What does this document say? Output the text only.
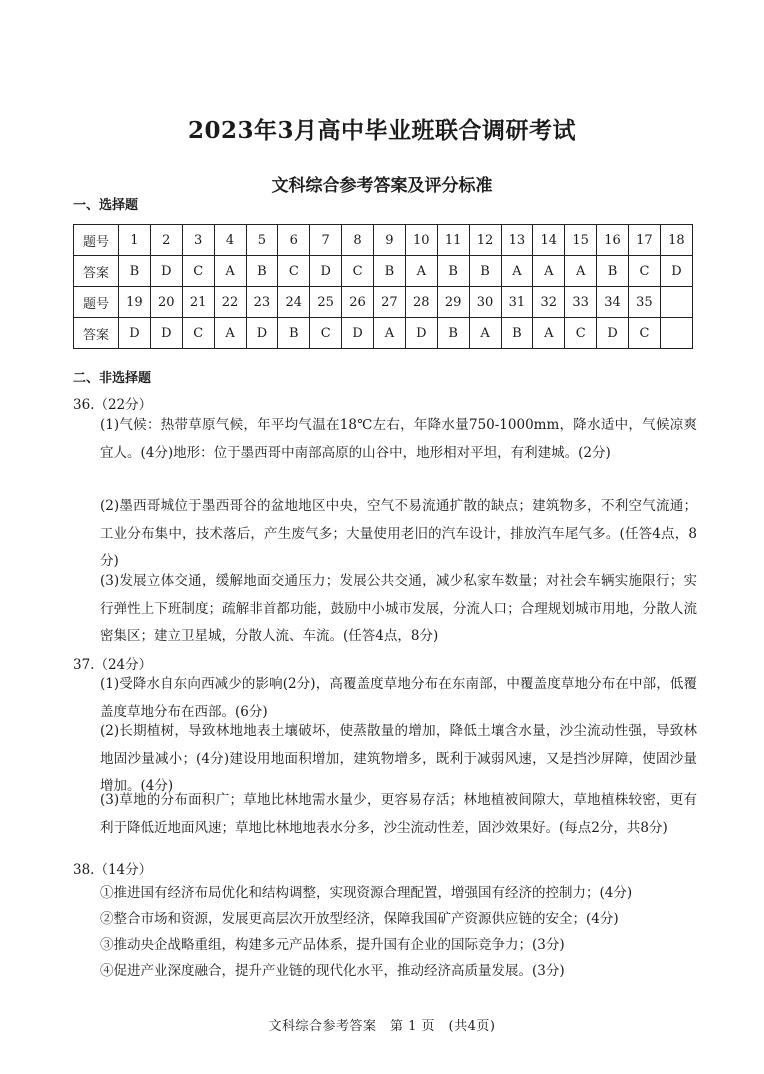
2023年3月高中毕业班联合调研考试
文科综合参考答案及评分标准
一、选择题
题号	1	2	3	4	5	6	7	8	9	10	11	12	13	14	15	16	17	18
答案	B	D	C	A	B	C	D	C	B	A	B	B	A	A	A	B	C	D
题号	19	20	21	22	23	24	25	26	27	28	29	30	31	32	33	34	35	
答案	D	D	C	A	D	B	C	D	A	D	B	A	B	A	C	D	C	
二、非选择题
36.（22分）
(1)气候：热带草原气候，年平均气温在18℃左右，年降水量750-1000mm，降水适中，气候凉爽宜人。(4分)地形：位于墨西哥中南部高原的山谷中，地形相对平坦，有利建城。(2分)
(2)墨西哥城位于墨西哥谷的盆地地区中央，空气不易流通扩散的缺点；建筑物多，不利空气流通；工业分布集中，技术落后，产生废气多；大量使用老旧的汽车设计，排放汽车尾气多。(任答4点，8分)
(3)发展立体交通，缓解地面交通压力；发展公共交通，减少私家车数量；对社会车辆实施限行；实行弹性上下班制度；疏解非首都功能，鼓励中小城市发展，分流人口；合理规划城市用地，分散人流密集区；建立卫星城，分散人流、车流。(任答4点，8分)
37.（24分）
(1)受降水自东向西减少的影响(2分)，高覆盖度草地分布在东南部，中覆盖度草地分布在中部，低覆盖度草地分布在西部。(6分)
(2)长期植树，导致林地地表土壤破坏，使蒸散量的增加，降低土壤含水量，沙尘流动性强，导致林地固沙量减小；(4分)建设用地面积增加，建筑物增多，既利于减弱风速，又是挡沙屏障，使固沙量增加。(4分)
(3)草地的分布面积广；草地比林地需水量少，更容易存活；林地植被间隙大，草地植株较密，更有利于降低近地面风速；草地比林地地表水分多，沙尘流动性差，固沙效果好。(每点2分，共8分)
38.（14分）
①推进国有经济布局优化和结构调整，实现资源合理配置，增强国有经济的控制力；(4分)
②整合市场和资源，发展更高层次开放型经济，保障我国矿产资源供应链的安全；(4分)
③推动央企战略重组，构建多元产品体系，提升国有企业的国际竞争力；(3分)
④促进产业深度融合，提升产业链的现代化水平，推动经济高质量发展。(3分)
文科综合参考答案　第 1 页　(共4页)
